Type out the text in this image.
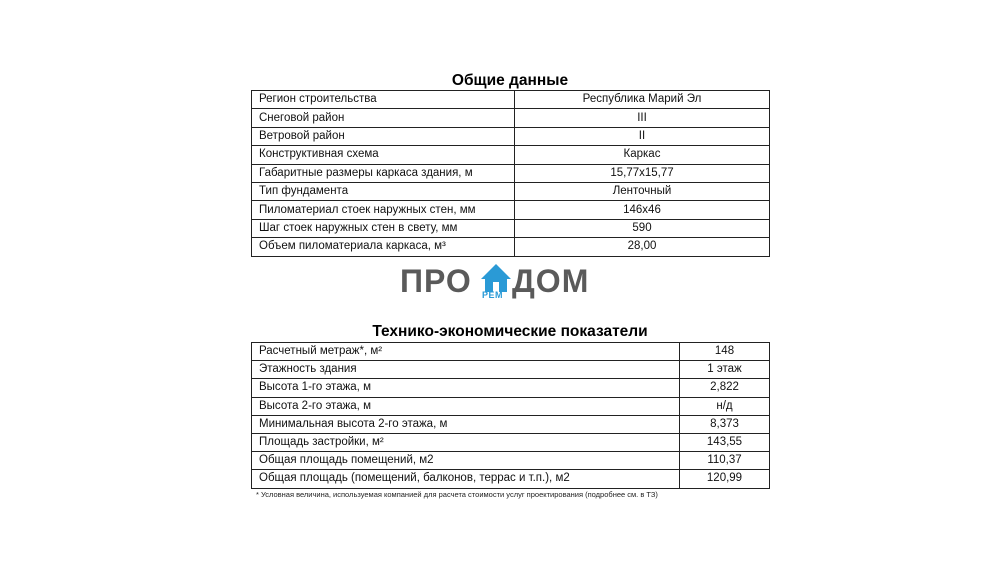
Общие данные
Регион строительства	Республика Марий Эл
Снеговой район	III
Ветровой район	II
Конструктивная схема	Каркас
Габаритные размеры каркаса здания, м	15,77x15,77
Тип фундамента	Ленточный
Пиломатериал стоек наружных стен, мм	146x46
Шаг стоек наружных стен в свету, мм	590
Объем пиломатериала каркаса, м³	28,00
ПРО РЕМ ДОМ
Технико-экономические показатели
Расчетный метраж*, м²	148
Этажность здания	1 этаж
Высота 1-го этажа, м	2,822
Высота 2-го этажа, м	н/д
Минимальная высота 2-го этажа, м	8,373
Площадь застройки, м²	143,55
Общая площадь помещений, м2	110,37
Общая площадь (помещений, балконов, террас и т.п.), м2	120,99
* Условная величина, используемая компанией для расчета стоимости услуг проектирования (подробнее см. в ТЗ)
